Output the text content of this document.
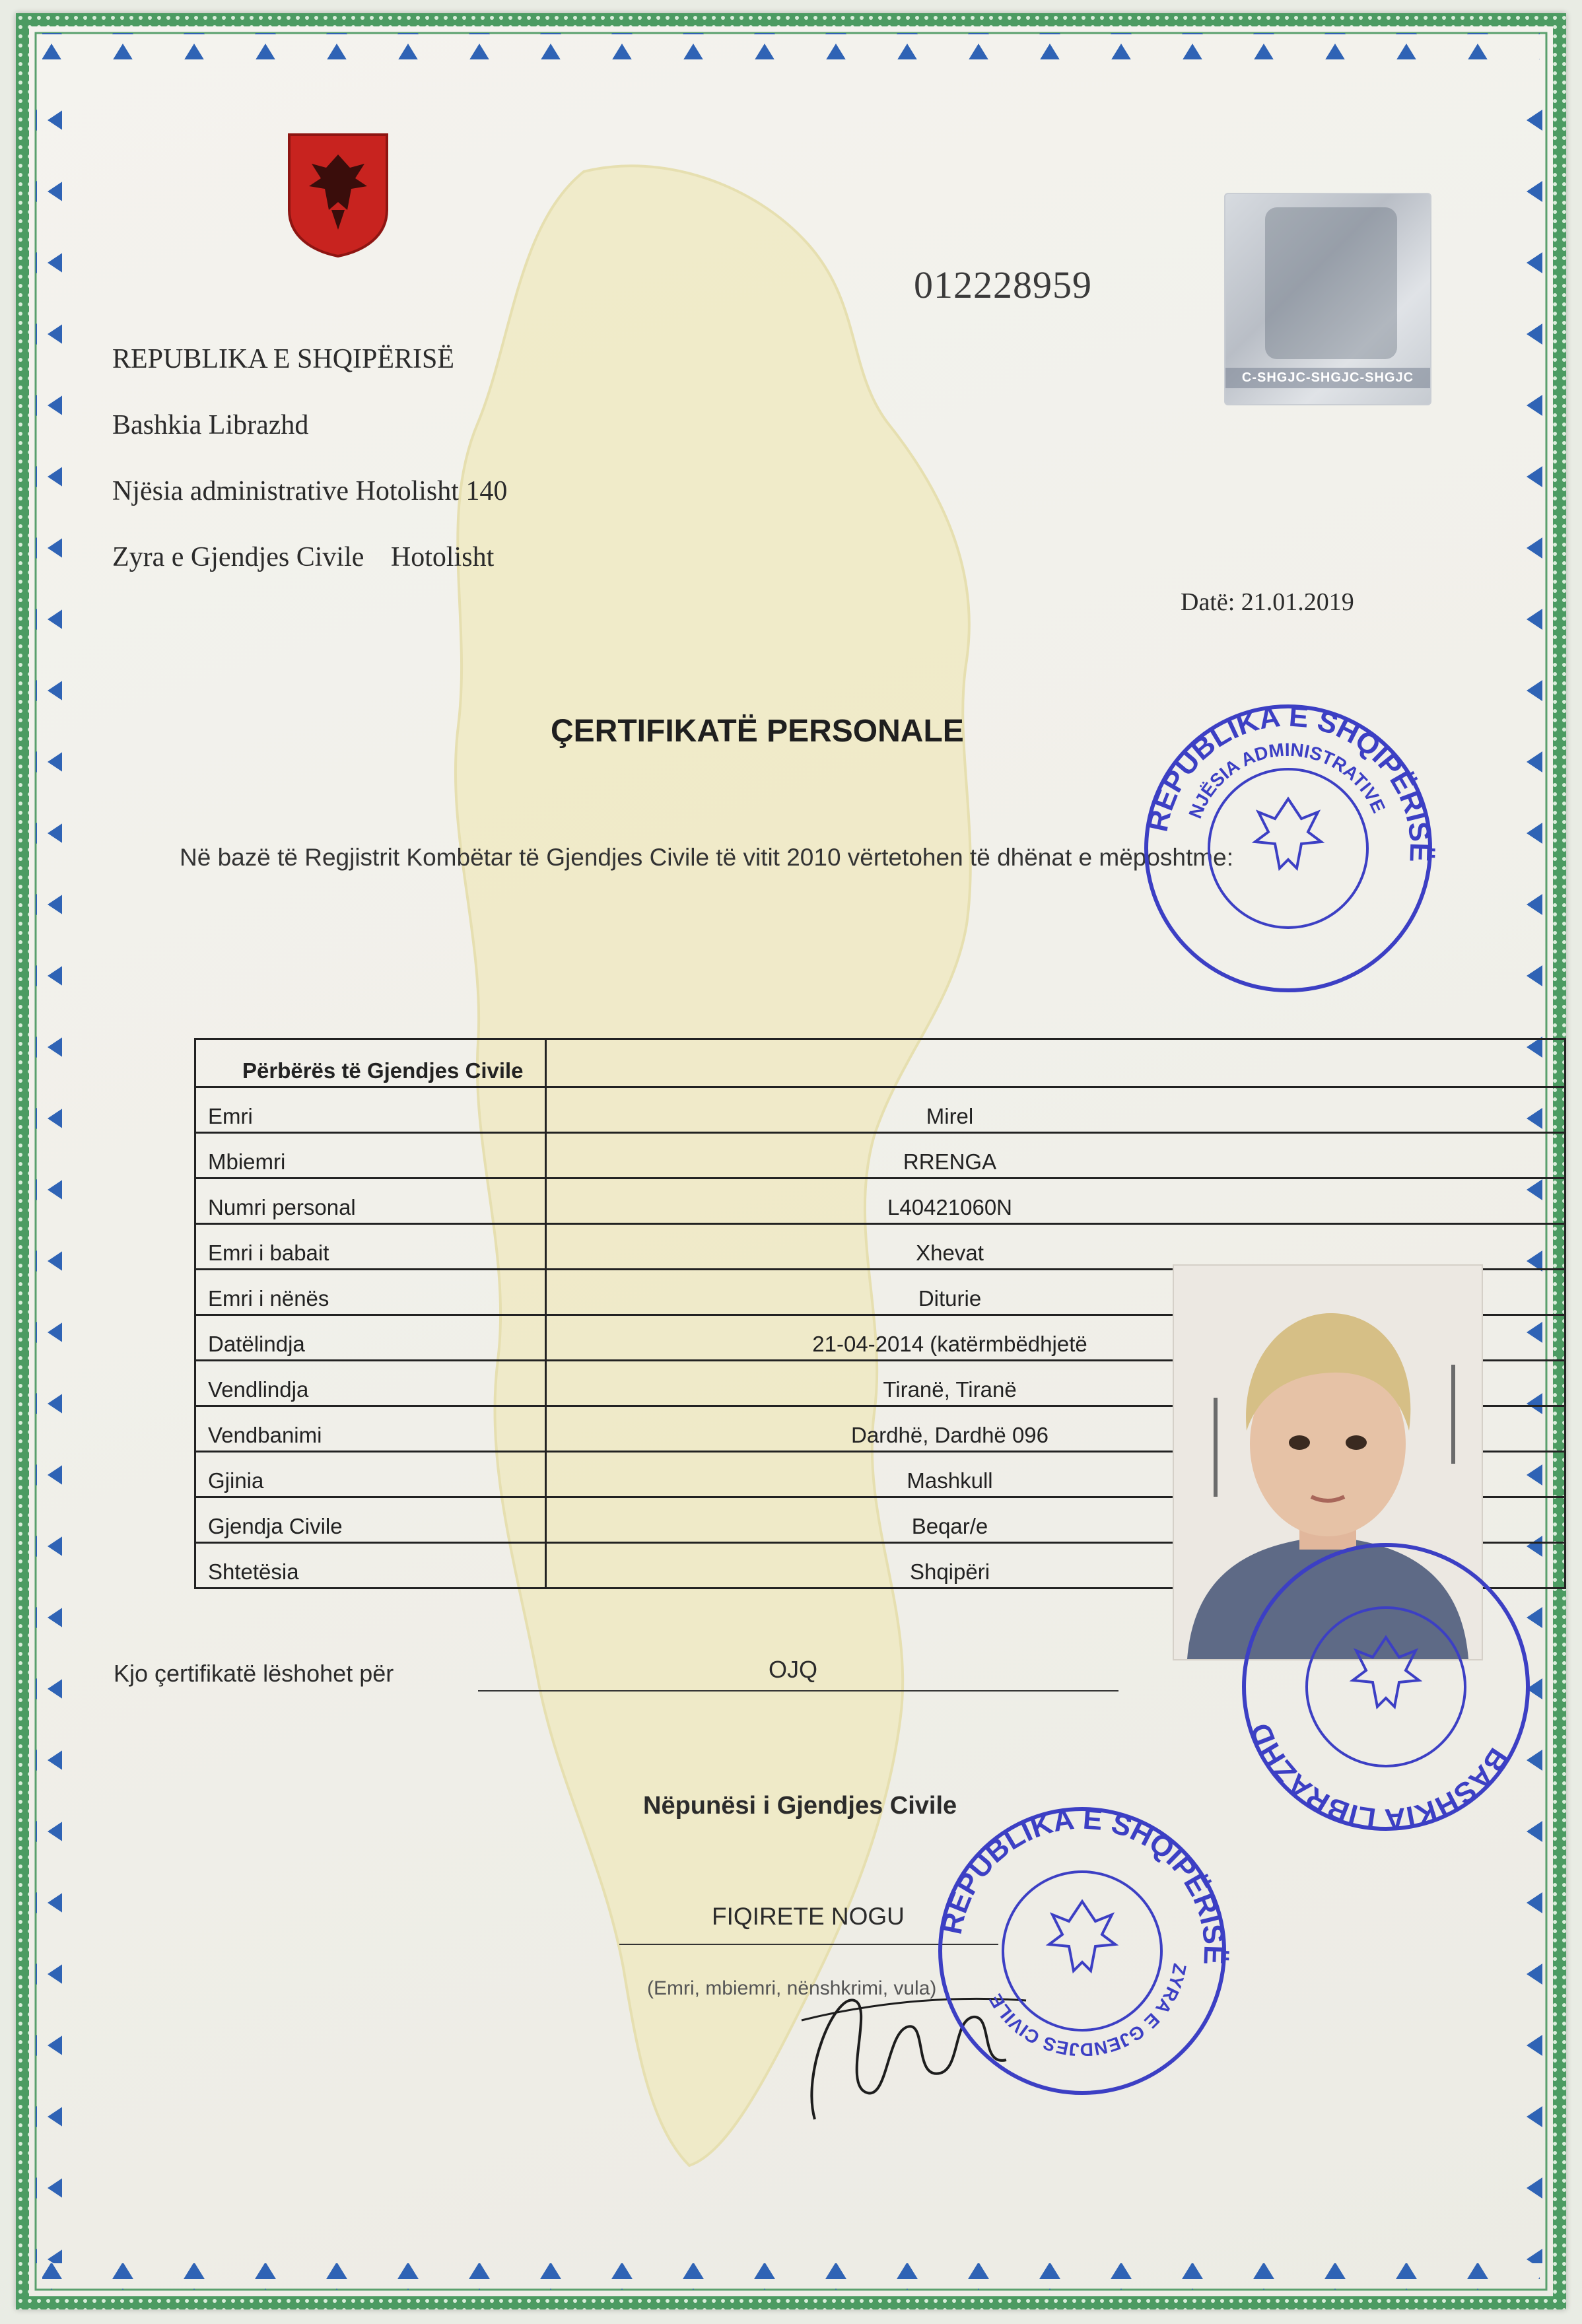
C-SHGJC-SHGJC-SHGJC
012228959
REPUBLIKA E SHQIPËRISË
Bashkia Librazhd
Njësia administrative Hotolisht 140
Zyra e Gjendjes Civile Hotolisht
Datë: 21.01.2019
ÇERTIFIKATË PERSONALE
Në bazë të Regjistrit Kombëtar të Gjendjes Civile të vitit 2010 vërtetohen të dhënat e mëposhtme:
Përbërës të Gjendjes Civile	
Emri	Mirel
Mbiemri	RRENGA
Numri personal	L40421060N
Emri i babait	Xhevat
Emri i nënës	Diturie
Datëlindja	21-04-2014 (katërmbëdhjetë
Vendlindja	Tiranë, Tiranë
Vendbanimi	Dardhë, Dardhë 096
Gjinia	Mashkull
Gjendja Civile	Beqar/e
Shtetësia	Shqipëri
Kjo çertifikatë lëshohet për	OJQ
Nëpunësi i Gjendjes Civile
FIQIRETE NOGU
(Emri, mbiemri, nënshkrimi, vula)
REPUBLIKA E SHQIPËRISË
NJËSIA ADMINISTRATIVE
BASHKIA LIBRAZHD
REPUBLIKA E SHQIPËRISË
ZYRA E GJENDJES CIVILE
